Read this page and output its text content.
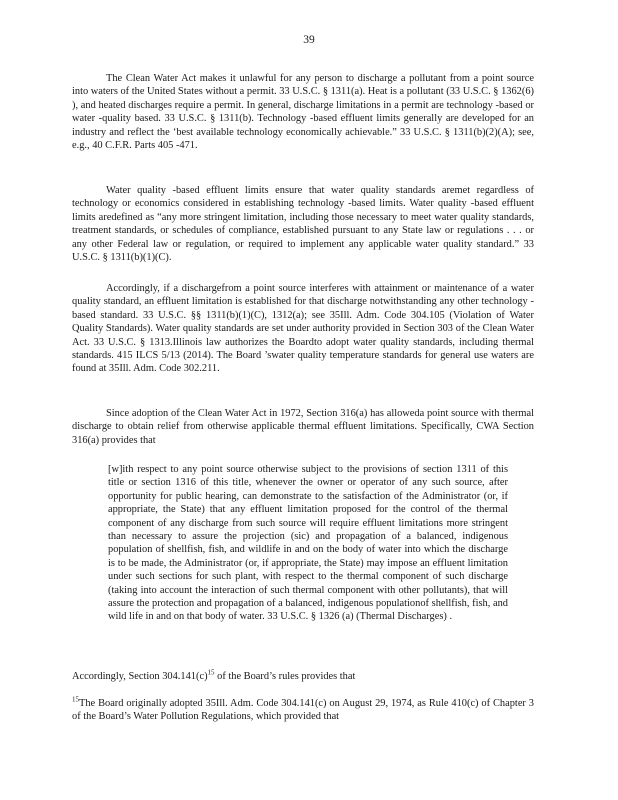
39

The Clean Water Act makes it unlawful for any person to discharge a pollutant from a point source into waters of the United States without a permit. 33 U.S.C. § 1311(a). Heat is a pollutant (33 U.S.C. § 1362(6) ), and heated discharges require a permit. In general, discharge limitations in a permit are technology -based or water -quality based. 33 U.S.C. § 1311(b). Technology -based effluent limits generally are developed for an industry and reflect the ‘best available technology economically achievable.” 33 U.S.C. § 1311(b)(2)(A); see, e.g., 40 C.F.R. Parts 405 -471.

Water quality -based effluent limits ensure that water quality standards aremet regardless of technology or economics considered in establishing technology -based limits. Water quality -based effluent limits aredefined as “any more stringent limitation, including those necessary to meet water quality standards, treatment standards, or schedules of compliance, established pursuant to any State law or regulations . . . or any other Federal law or regulation, or required to implement any applicable water quality standard.” 33 U.S.C. § 1311(b)(1)(C).

Accordingly, if a dischargefrom a point source interferes with attainment or maintenance of a water quality standard, an effluent limitation is established for that discharge notwithstanding any other technology -based standard. 33 U.S.C. §§ 1311(b)(1)(C), 1312(a); see 35Ill. Adm. Code 304.105 (Violation of Water Quality Standards). Water quality standards are set under authority provided in Section 303 of the Clean Water Act. 33 U.S.C. § 1313.Illinois law authorizes the Boardto adopt water quality standards, including thermal standards. 415 ILCS 5/13 (2014). The Board ’swater quality temperature standards for general use waters are found at 35Ill. Adm. Code 302.211.

Since adoption of the Clean Water Act in 1972, Section 316(a) has alloweda point source with thermal discharge to obtain relief from otherwise applicable thermal effluent limitations. Specifically, CWA Section 316(a) provides that

[w]ith respect to any point source otherwise subject to the provisions of section 1311 of this title or section 1316 of this title, whenever the owner or operator of any such source, after opportunity for public hearing, can demonstrate to the satisfaction of the Administrator (or, if appropriate, the State) that any effluent limitation proposed for the control of the thermal component of any discharge from such source will require effluent limitations more stringent than necessary to assure the projection (sic) and propagation of a balanced, indigenous population of shellfish, fish, and wildlife in and on the body of water into which the discharge is to be made, the Administrator (or, if appropriate, the State) may impose an effluent limitation under such sections for such plant, with respect to the thermal component of such discharge (taking into account the interaction of such thermal component with other pollutants), that will assure the protection and propagation of a balanced, indigenous populationof shellfish, fish, and wild life in and on that body of water. 33 U.S.C. § 1326 (a) (Thermal Discharges) .

Accordingly, Section $304.141(c)^{15}$ of the Board’s rules provides that

$^{15}$The Board originally adopted 35Ill. Adm. Code 304.141(c) on August 29, 1974, as Rule 410(c) of Chapter 3 of the Board’s Water Pollution Regulations, which provided that
